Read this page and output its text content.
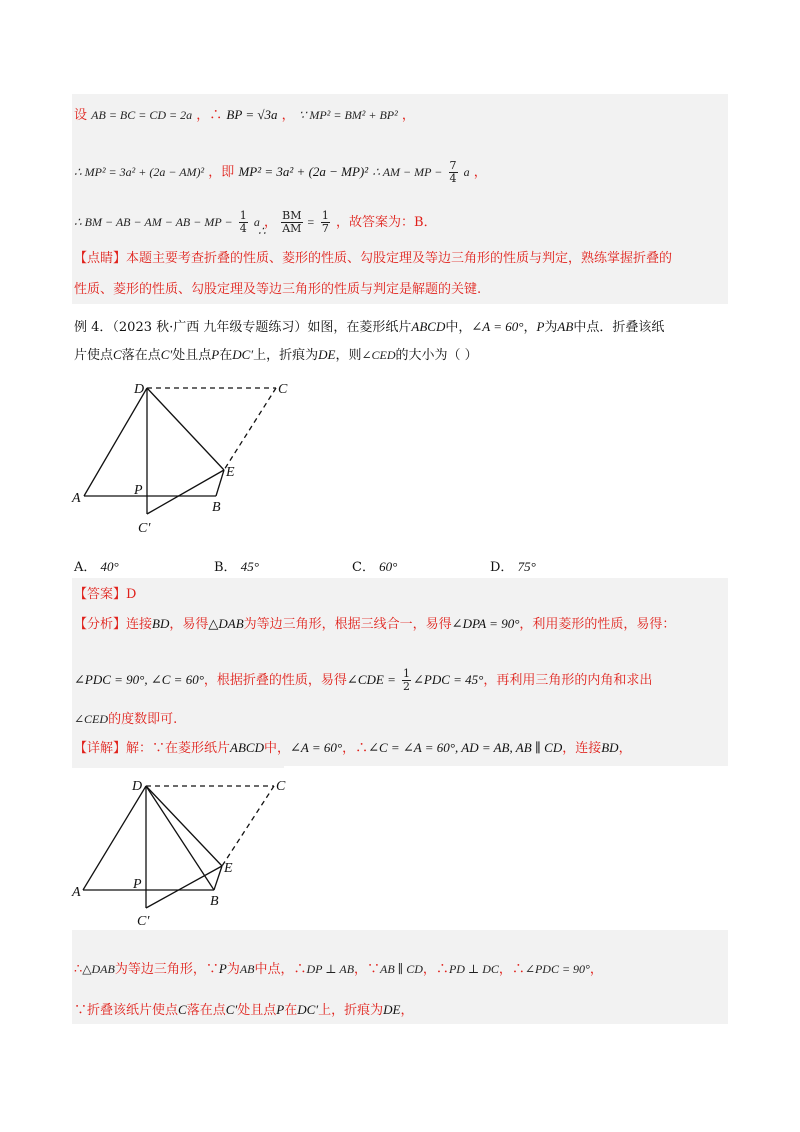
设 AB = BC = CD = 2a ，∴ BP = √3a ， ∵ MP² = BM² + BP² ，
∴ MP² = 3a² + (2a − AM)² ，即 MP² = 3a² + (2a − MP)² ∴ AM − MP − $\frac{7}{4}$ a ，
∴ BM − AB − AM − AB − MP − $\frac{1}{4}$ a ， $\frac{BM}{AM} = \frac{1}{7}$ ，故答案为：B．
∴
【点睛】本题主要考查折叠的性质、菱形的性质、勾股定理及等边三角形的性质与判定，熟练掌握折叠的
性质、菱形的性质、勾股定理及等边三角形的性质与判定是解题的关键.
例 4．（2023 秋·广西 九年级专题练习）如图，在菱形纸片ABCD中，∠A = 60°，P为AB中点．折叠该纸
片使点C落在点C′处且点P在DC′上，折痕为DE，则∠CED的大小为（ ）
D	C
E
A
P
B
C′
A． 40°	B． 45°	C． 60°	D． 75°
【答案】D
【分析】连接BD，易得△DAB为等边三角形，根据三线合一，易得∠DPA = 90°，利用菱形的性质，易得：
∠PDC = 90°, ∠C = 60°，根据折叠的性质，易得∠CDE = $\frac{1}{2}$ ∠PDC = 45°，再利用三角形的内角和求出
∠CED的度数即可.
【详解】解：∵在菱形纸片ABCD中，∠A = 60°，∴∠C = ∠A = 60°, AD = AB, AB ∥ CD，连接BD，
D	C
E
A
P
B
C′
∴△DAB为等边三角形，∵P为AB中点，∴DP ⊥ AB，∵AB ∥ CD，∴PD ⊥ DC，∴∠PDC = 90°，
∵折叠该纸片使点C落在点C′处且点P在DC′上，折痕为DE，
